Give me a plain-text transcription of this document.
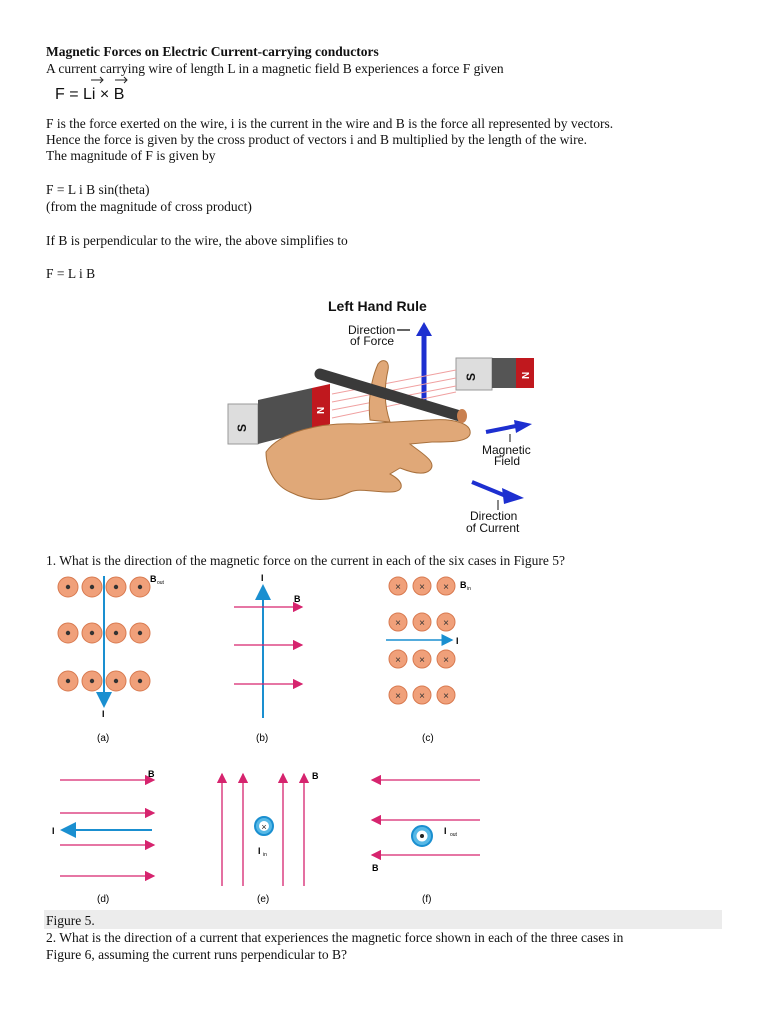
Magnetic Forces on Electric Current-carrying conductors
A current carrying wire of length L in a magnetic field B experiences a force F given
F = Li × B
F is the force exerted on the wire, i is the current in the wire and B is the force all represented by vectors.
Hence the force is given by the cross product of vectors i and B multiplied by the length of the wire.
The magnitude of F is given by
F = L i B sin(theta)
(from the magnitude of cross product)
If B is perpendicular to the wire, the above simplifies to
F = L i B
Left Hand Rule
Direction
of Force
S	N
S
N
Magnetic
Field
Direction
of Current
1. What is the direction of the magnetic force on the current in each of the six cases in Figure 5?
B out
I
(a)
I
B
(b)
× × ×
× × ×
× × ×
× × ×
I
B in
(c)
I
B
(d)
×
I in
B
(e)
I out
B
(f)
Figure 5.
2. What is the direction of a current that experiences the magnetic force shown in each of the three cases in
Figure 6, assuming the current runs perpendicular to B?
